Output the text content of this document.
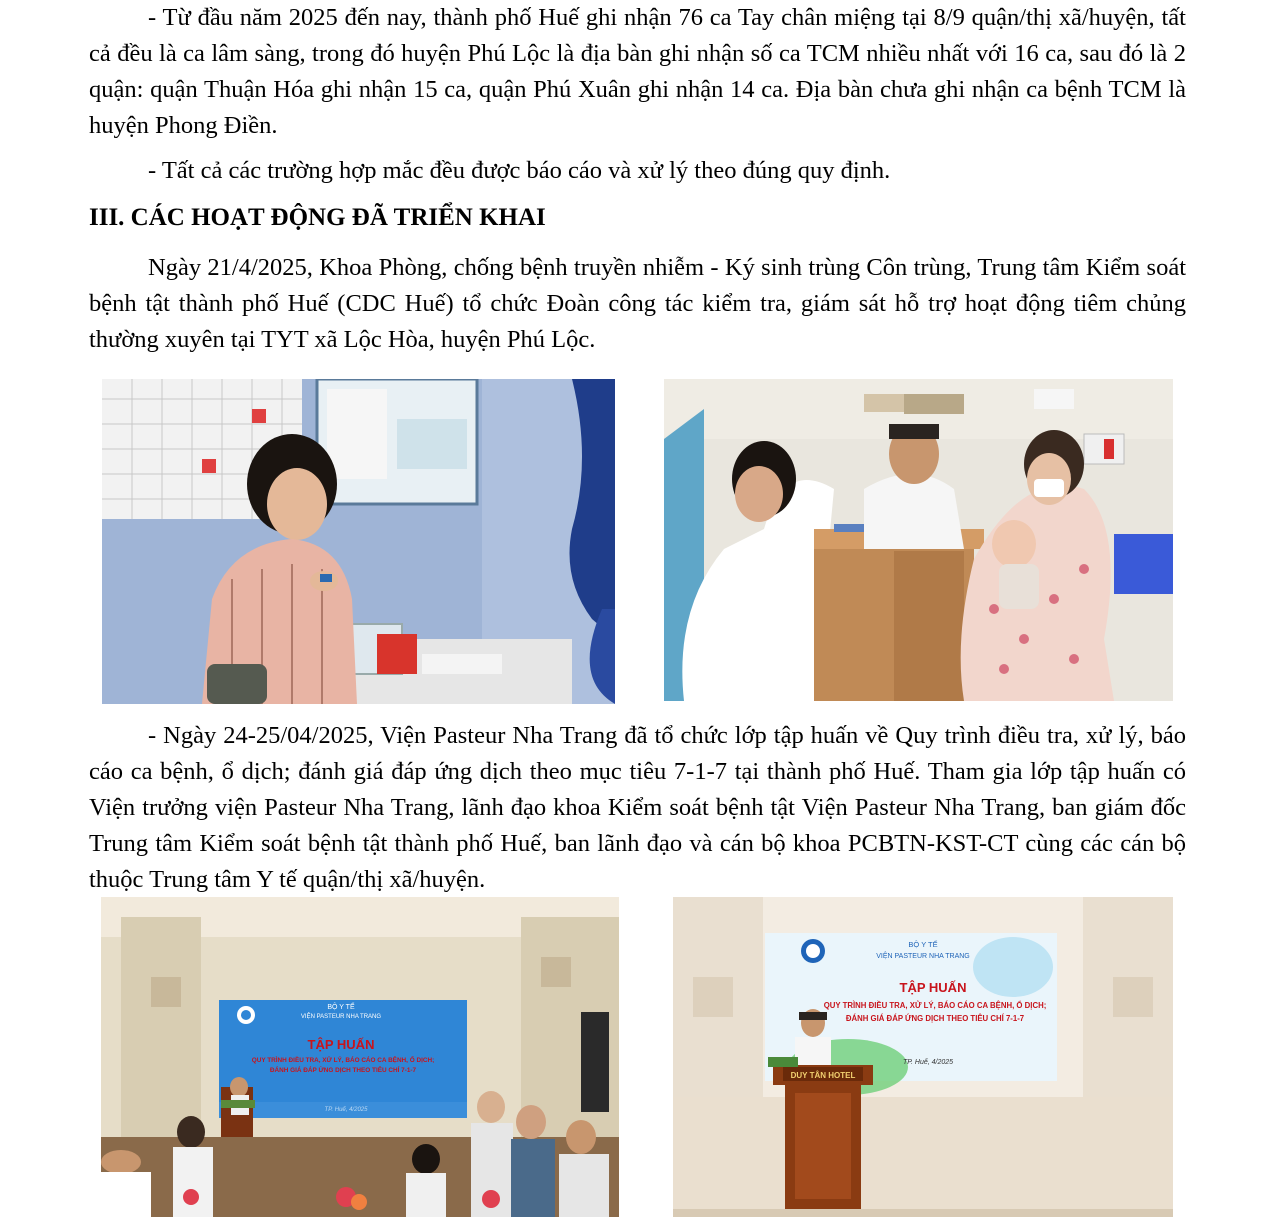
- Từ đầu năm 2025 đến nay, thành phố Huế ghi nhận 76 ca Tay chân miệng tại 8/9 quận/thị xã/huyện, tất cả đều là ca lâm sàng, trong đó huyện Phú Lộc là địa bàn ghi nhận số ca TCM nhiều nhất với 16 ca, sau đó là 2 quận: quận Thuận Hóa ghi nhận 15 ca, quận Phú Xuân ghi nhận 14 ca. Địa bàn chưa ghi nhận ca bệnh TCM là huyện Phong Điền.

- Tất cả các trường hợp mắc đều được báo cáo và xử lý theo đúng quy định.

III. CÁC HOẠT ĐỘNG ĐÃ TRIỂN KHAI

Ngày 21/4/2025, Khoa Phòng, chống bệnh truyền nhiễm - Ký sinh trùng Côn trùng, Trung tâm Kiểm soát bệnh tật thành phố Huế (CDC Huế) tổ chức Đoàn công tác kiểm tra, giám sát hỗ trợ hoạt động tiêm chủng thường xuyên tại TYT xã Lộc Hòa, huyện Phú Lộc.

- Ngày 24-25/04/2025, Viện Pasteur Nha Trang đã tổ chức lớp tập huấn về Quy trình điều tra, xử lý, báo cáo ca bệnh, ổ dịch; đánh giá đáp ứng dịch theo mục tiêu 7-1-7 tại thành phố Huế. Tham gia lớp tập huấn có Viện trưởng viện Pasteur Nha Trang, lãnh đạo khoa Kiểm soát bệnh tật Viện Pasteur Nha Trang, ban giám đốc Trung tâm Kiểm soát bệnh tật thành phố Huế, ban lãnh đạo và cán bộ khoa PCBTN-KST-CT cùng các cán bộ thuộc Trung tâm Y tế quận/thị xã/huyện.

BỘ Y TẾ
VIỆN PASTEUR NHA TRANG
TẬP HUẤN
QUY TRÌNH ĐIỀU TRA, XỬ LÝ, BÁO CÁO CA BỆNH, Ổ DỊCH;
ĐÁNH GIÁ ĐÁP ỨNG DỊCH THEO TIÊU CHÍ 7-1-7
TP. Huế, 4/2025
BỘ Y TẾ
VIỆN PASTEUR NHA TRANG
TẬP HUẤN
QUY TRÌNH ĐIỀU TRA, XỬ LÝ, BÁO CÁO CA BỆNH, Ổ DỊCH;
ĐÁNH GIÁ ĐÁP ỨNG DỊCH THEO TIÊU CHÍ 7-1-7
TP. Huế, 4/2025
DUY TÂN HOTEL
